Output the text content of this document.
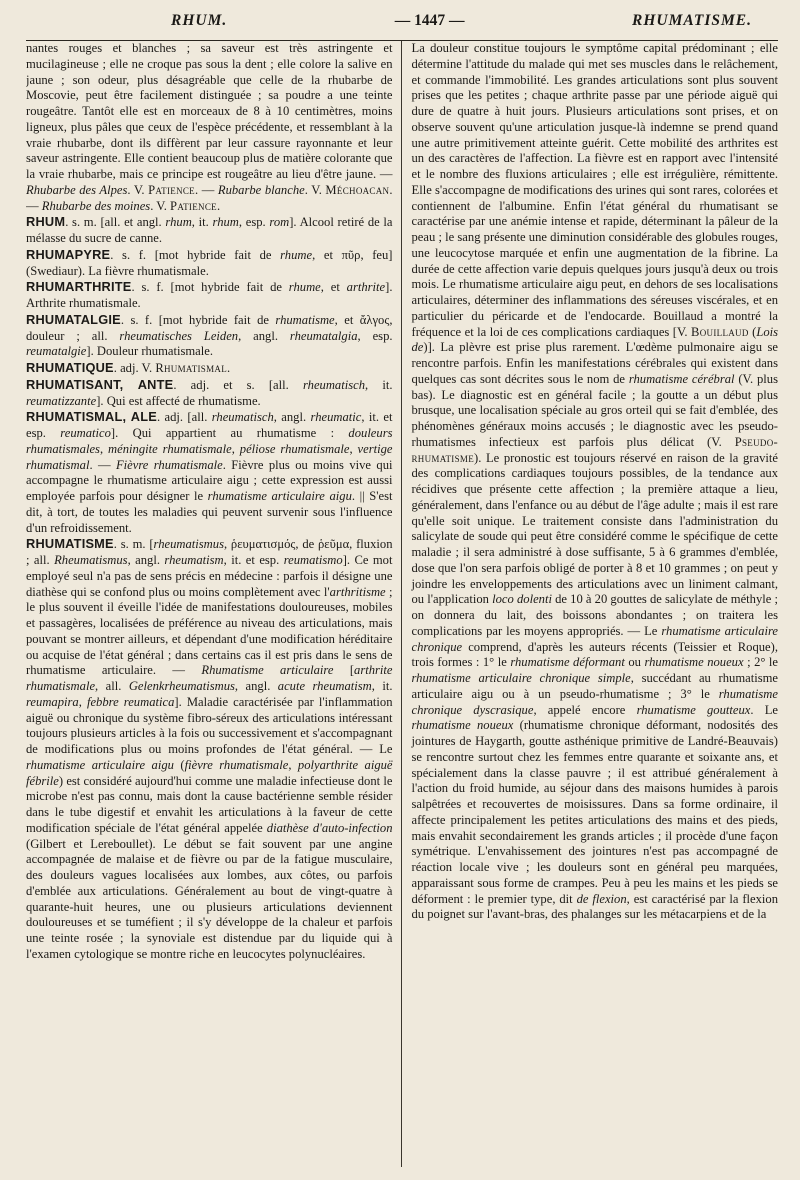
RHUM.	— 1447 —	RHUMATISME.

nantes rouges et blanches ; sa saveur est très astringente et mucilagineuse ; elle ne croque pas sous la dent ; elle colore la salive en jaune ; son odeur, plus désagréable que celle de la rhubarbe de Moscovie, peut être facilement distinguée ; sa poudre a une teinte rougeâtre. Tantôt elle est en morceaux de 8 à 10 centimètres, moins ligneux, plus pâles que ceux de l'espèce précédente, et ressemblant à la vraie rhubarbe, dont ils diffèrent par leur cassure rayonnante et leur saveur astringente. Elle contient beaucoup plus de matière colorante que la vraie rhubarbe, mais ce principe est rougeâtre au lieu d'être jaune. — Rhubarbe des Alpes. V. Patience. — Rubarbe blanche. V. Méchoacan. — Rhubarbe des moines. V. Patience.

RHUM. s. m. [all. et angl. rhum, it. rhum, esp. rom]. Alcool retiré de la mélasse du sucre de canne.

RHUMAPYRE. s. f. [mot hybride fait de rhume, et πῦρ, feu] (Swediaur). La fièvre rhumatismale.

RHUMARTHRITE. s. f. [mot hybride fait de rhume, et arthrite]. Arthrite rhumatismale.

RHUMATALGIE. s. f. [mot hybride fait de rhumatisme, et ἄλγος, douleur ; all. rheumatisches Leiden, angl. rheumatalgia, esp. reumatalgie]. Douleur rhumatismale.

RHUMATIQUE. adj. V. Rhumatismal.

RHUMATISANT, ANTE. adj. et s. [all. rheumatisch, it. reumatizzante]. Qui est affecté de rhumatisme.

RHUMATISMAL, ALE. adj. [all. rheumatisch, angl. rheumatic, it. et esp. reumatico]. Qui appartient au rhumatisme : douleurs rhumatismales, méningite rhumatismale, péliose rhumatismale, vertige rhumatismal. — Fièvre rhumatismale. Fièvre plus ou moins vive qui accompagne le rhumatisme articulaire aigu ; cette expression est aussi employée parfois pour désigner le rhumatisme articulaire aigu. || S'est dit, à tort, de toutes les maladies qui peuvent survenir sous l'influence d'un refroidissement.

RHUMATISME. s. m. [rheumatismus, ῥευματισμός, de ῥεῦμα, fluxion ; all. Rheumatismus, angl. rheumatism, it. et esp. reumatismo]. Ce mot employé seul n'a pas de sens précis en médecine : parfois il désigne une diathèse qui se confond plus ou moins complètement avec l'arthritisme ; le plus souvent il éveille l'idée de manifestations douloureuses, mobiles et passagères, localisées de préférence au niveau des articulations, mais pouvant se montrer ailleurs, et dépendant d'une modification héréditaire ou acquise de l'état général ; dans certains cas il est pris dans le sens de rhumatisme articulaire. — Rhumatisme articulaire [arthrite rhumatismale, all. Gelenkrheumatismus, angl. acute rheumatism, it. reumapira, febbre reumatica]. Maladie caractérisée par l'inflammation aiguë ou chronique du système fibro-séreux des articulations intéressant toujours plusieurs articles à la fois ou successivement et s'accompagnant de modifications plus ou moins profondes de l'état général. — Le rhumatisme articulaire aigu (fièvre rhumatismale, polyarthrite aiguë fébrile) est considéré aujourd'hui comme une maladie infectieuse dont le microbe n'est pas connu, mais dont la cause bactérienne semble résider dans le tube digestif et envahit les articulations à la faveur de cette modification spéciale de l'état général appelée diathèse d'auto-infection (Gilbert et Lereboullet). Le début se fait souvent par une angine accompagnée de malaise et de fièvre ou par de la fatigue musculaire, des douleurs vagues localisées aux lombes, aux côtes, ou parfois d'emblée aux articulations. Généralement au bout de vingt-quatre à quarante-huit heures, une ou plusieurs articulations deviennent douloureuses et se tuméfient ; il s'y développe de la chaleur et parfois une teinte rosée ; la synoviale est distendue par du liquide qui à l'examen cytologique se montre riche en leucocytes polynucléaires.

La douleur constitue toujours le symptôme capital prédominant ; elle détermine l'attitude du malade qui met ses muscles dans le relâchement, et commande l'immobilité. Les grandes articulations sont plus souvent prises que les petites ; chaque arthrite passe par une période aiguë qui dure de quatre à huit jours. Plusieurs articulations sont prises, et on observe souvent qu'une articulation jusque-là indemne se prend quand une autre primitivement atteinte guérit. Cette mobilité des arthrites est un des caractères de l'affection. La fièvre est en rapport avec l'intensité et le nombre des fluxions articulaires ; elle est irrégulière, rémittente. Elle s'accompagne de modifications des urines qui sont rares, colorées et contiennent de l'albumine. Enfin l'état général du rhumatisant se caractérise par une anémie intense et rapide, déterminant la pâleur de la peau ; le sang présente une diminution considérable des globules rouges, une leucocytose marquée et enfin une augmentation de la fibrine. La durée de cette affection varie depuis quelques jours jusqu'à deux ou trois mois. Le rhumatisme articulaire aigu peut, en dehors de ses localisations articulaires, déterminer des inflammations des séreuses viscérales, et en particulier du péricarde et de l'endocarde. Bouillaud a montré la fréquence et la loi de ces complications cardiaques [V. Bouillaud (Lois de)]. La plèvre est prise plus rarement. L'œdème pulmonaire aigu se rencontre parfois. Enfin les manifestations cérébrales qui existent dans quelques cas sont décrites sous le nom de rhumatisme cérébral (V. plus bas). Le diagnostic est en général facile ; la goutte a un début plus brusque, une localisation spéciale au gros orteil qui se fait d'emblée, des phénomènes généraux moins accusés ; le diagnostic avec les pseudo-rhumatismes infectieux est parfois plus délicat (V. Pseudo-rhumatisme). Le pronostic est toujours réservé en raison de la gravité des complications cardiaques toujours possibles, de la tendance aux récidives que présente cette affection ; la première attaque a lieu, généralement, dans l'enfance ou au début de l'âge adulte ; mais il est rare qu'elle soit unique. Le traitement consiste dans l'administration du salicylate de soude qui peut être considéré comme le spécifique de cette maladie ; il sera administré à dose suffisante, 5 à 6 grammes d'emblée, dose que l'on sera parfois obligé de porter à 8 et 10 grammes ; on peut y joindre les enveloppements des articulations avec un liniment calmant, ou l'application loco dolenti de 10 à 20 gouttes de salicylate de méthyle ; on donnera du lait, des boissons abondantes ; on traitera les complications par les moyens appropriés. — Le rhumatisme articulaire chronique comprend, d'après les auteurs récents (Teissier et Roque), trois formes : 1° le rhumatisme déformant ou rhumatisme noueux ; 2° le rhumatisme articulaire chronique simple, succédant au rhumatisme articulaire aigu ou à un pseudo-rhumatisme ; 3° le rhumatisme chronique dyscrasique, appelé encore rhumatisme goutteux. Le rhumatisme noueux (rhumatisme chronique déformant, nodosités des jointures de Haygarth, goutte asthénique primitive de Landré-Beauvais) se rencontre surtout chez les femmes entre quarante et soixante ans, et spécialement dans la classe pauvre ; il est attribué généralement à l'action du froid humide, au séjour dans des maisons humides à parois salpêtrées et recouvertes de moisissures. Dans sa forme ordinaire, il affecte principalement les petites articulations des mains et des pieds, mais envahit secondairement les grands articles ; il procède d'une façon symétrique. L'envahissement des jointures n'est pas accompagné de réaction locale vive ; les douleurs sont en général peu marquées, apparaissant sous forme de crampes. Peu à peu les mains et les pieds se déforment : le premier type, dit de flexion, est caractérisé par la flexion du poignet sur l'avant-bras, des phalanges sur les métacarpiens et de la
